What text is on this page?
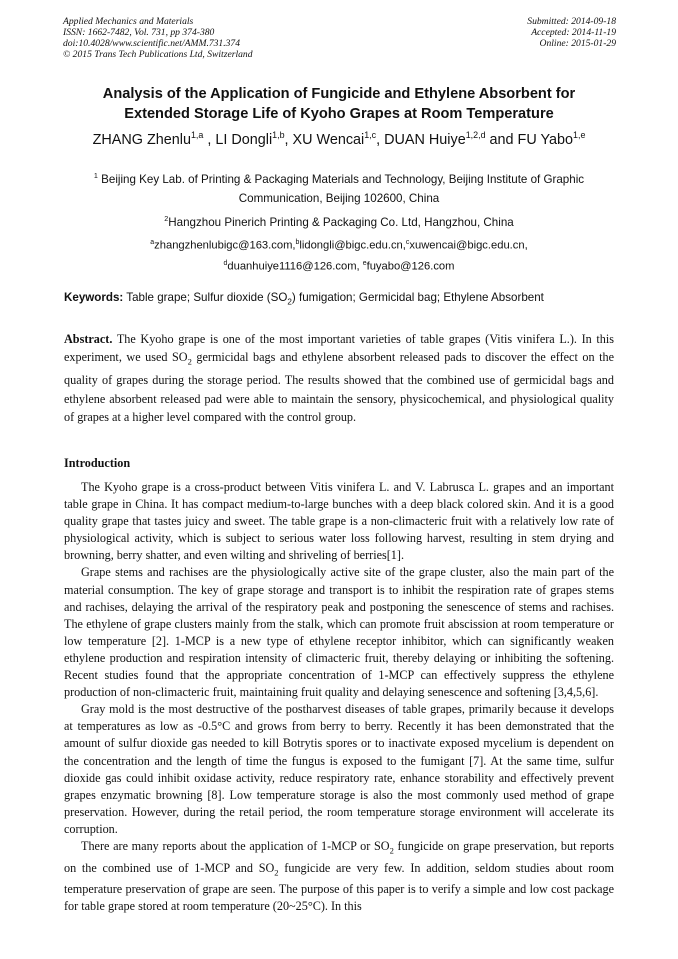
Applied Mechanics and Materials
ISSN: 1662-7482, Vol. 731, pp 374-380
doi:10.4028/www.scientific.net/AMM.731.374
© 2015 Trans Tech Publications Ltd, Switzerland
Submitted: 2014-09-18
Accepted: 2014-11-19
Online: 2015-01-29
Analysis of the Application of Fungicide and Ethylene Absorbent for
Extended Storage Life of Kyoho Grapes at Room Temperature
ZHANG Zhenlu$^{1,a}$ , LI Dongli$^{1,b}$, XU Wencai$^{1,c}$, DUAN Huiye$^{1,2,d}$ and FU Yabo$^{1,e}$
$^1$ Beijing Key Lab. of Printing & Packaging Materials and Technology, Beijing Institute of Graphic
Communication, Beijing 102600, China
$^2$Hangzhou Pinerich Printing & Packaging Co. Ltd, Hangzhou, China
$^a$zhangzhenlubigc@163.com,$^b$lidongli@bigc.edu.cn,$^c$xuwencai@bigc.edu.cn,
$^d$duanhuiye1116@126.com, $^e$fuyabo@126.com
Keywords: Table grape; Sulfur dioxide $(SO_2)$ fumigation; Germicidal bag; Ethylene Absorbent
Abstract. The Kyoho grape is one of the most important varieties of table grapes (Vitis vinifera L.). In this experiment, we used $SO_2$ germicidal bags and ethylene absorbent released pads to discover the effect on the quality of grapes during the storage period. The results showed that the combined use of germicidal bags and ethylene absorbent released pad were able to maintain the sensory, physicochemical, and physiological quality of grapes at a higher level compared with the control group.
Introduction

The Kyoho grape is a cross-product between Vitis vinifera L. and V. Labrusca L. grapes and an important table grape in China. It has compact medium-to-large bunches with a deep black colored skin. And it is a good quality grape that tastes juicy and sweet. The table grape is a non-climacteric fruit with a relatively low rate of physiological activity, which is subject to serious water loss following harvest, resulting in stem drying and browning, berry shatter, and even wilting and shriveling of berries[1].

Grape stems and rachises are the physiologically active site of the grape cluster, also the main part of the material consumption. The key of grape storage and transport is to inhibit the respiration rate of grapes stems and rachises, delaying the arrival of the respiratory peak and postponing the senescence of stems and rachises. The ethylene of grape clusters mainly from the stalk, which can promote fruit abscission at room temperature or low temperature [2]. 1-MCP is a new type of ethylene receptor inhibitor, which can significantly weaken ethylene production and respiration intensity of climacteric fruit, thereby delaying or inhibiting the softening. Recent studies found that the appropriate concentration of 1-MCP can effectively suppress the ethylene production of non-climacteric fruit, maintaining fruit quality and delaying senescence and softening [3,4,5,6].

Gray mold is the most destructive of the postharvest diseases of table grapes, primarily because it develops at temperatures as low as -0.5°C and grows from berry to berry. Recently it has been demonstrated that the amount of sulfur dioxide gas needed to kill Botrytis spores or to inactivate exposed mycelium is dependent on the concentration and the length of time the fungus is exposed to the fumigant [7]. At the same time, sulfur dioxide gas could inhibit oxidase activity, reduce respiratory rate, enhance storability and effectively prevent grapes enzymatic browning [8]. Low temperature storage is also the most commonly used method of grape preservation. However, during the retail period, the room temperature storage environment will accelerate its corruption.

There are many reports about the application of 1-MCP or $SO_2$ fungicide on grape preservation, but reports on the combined use of 1-MCP and $SO_2$ fungicide are very few. In addition, seldom studies about room temperature preservation of grape are seen. The purpose of this paper is to verify a simple and low cost package for table grape stored at room temperature (20~25°C). In this
